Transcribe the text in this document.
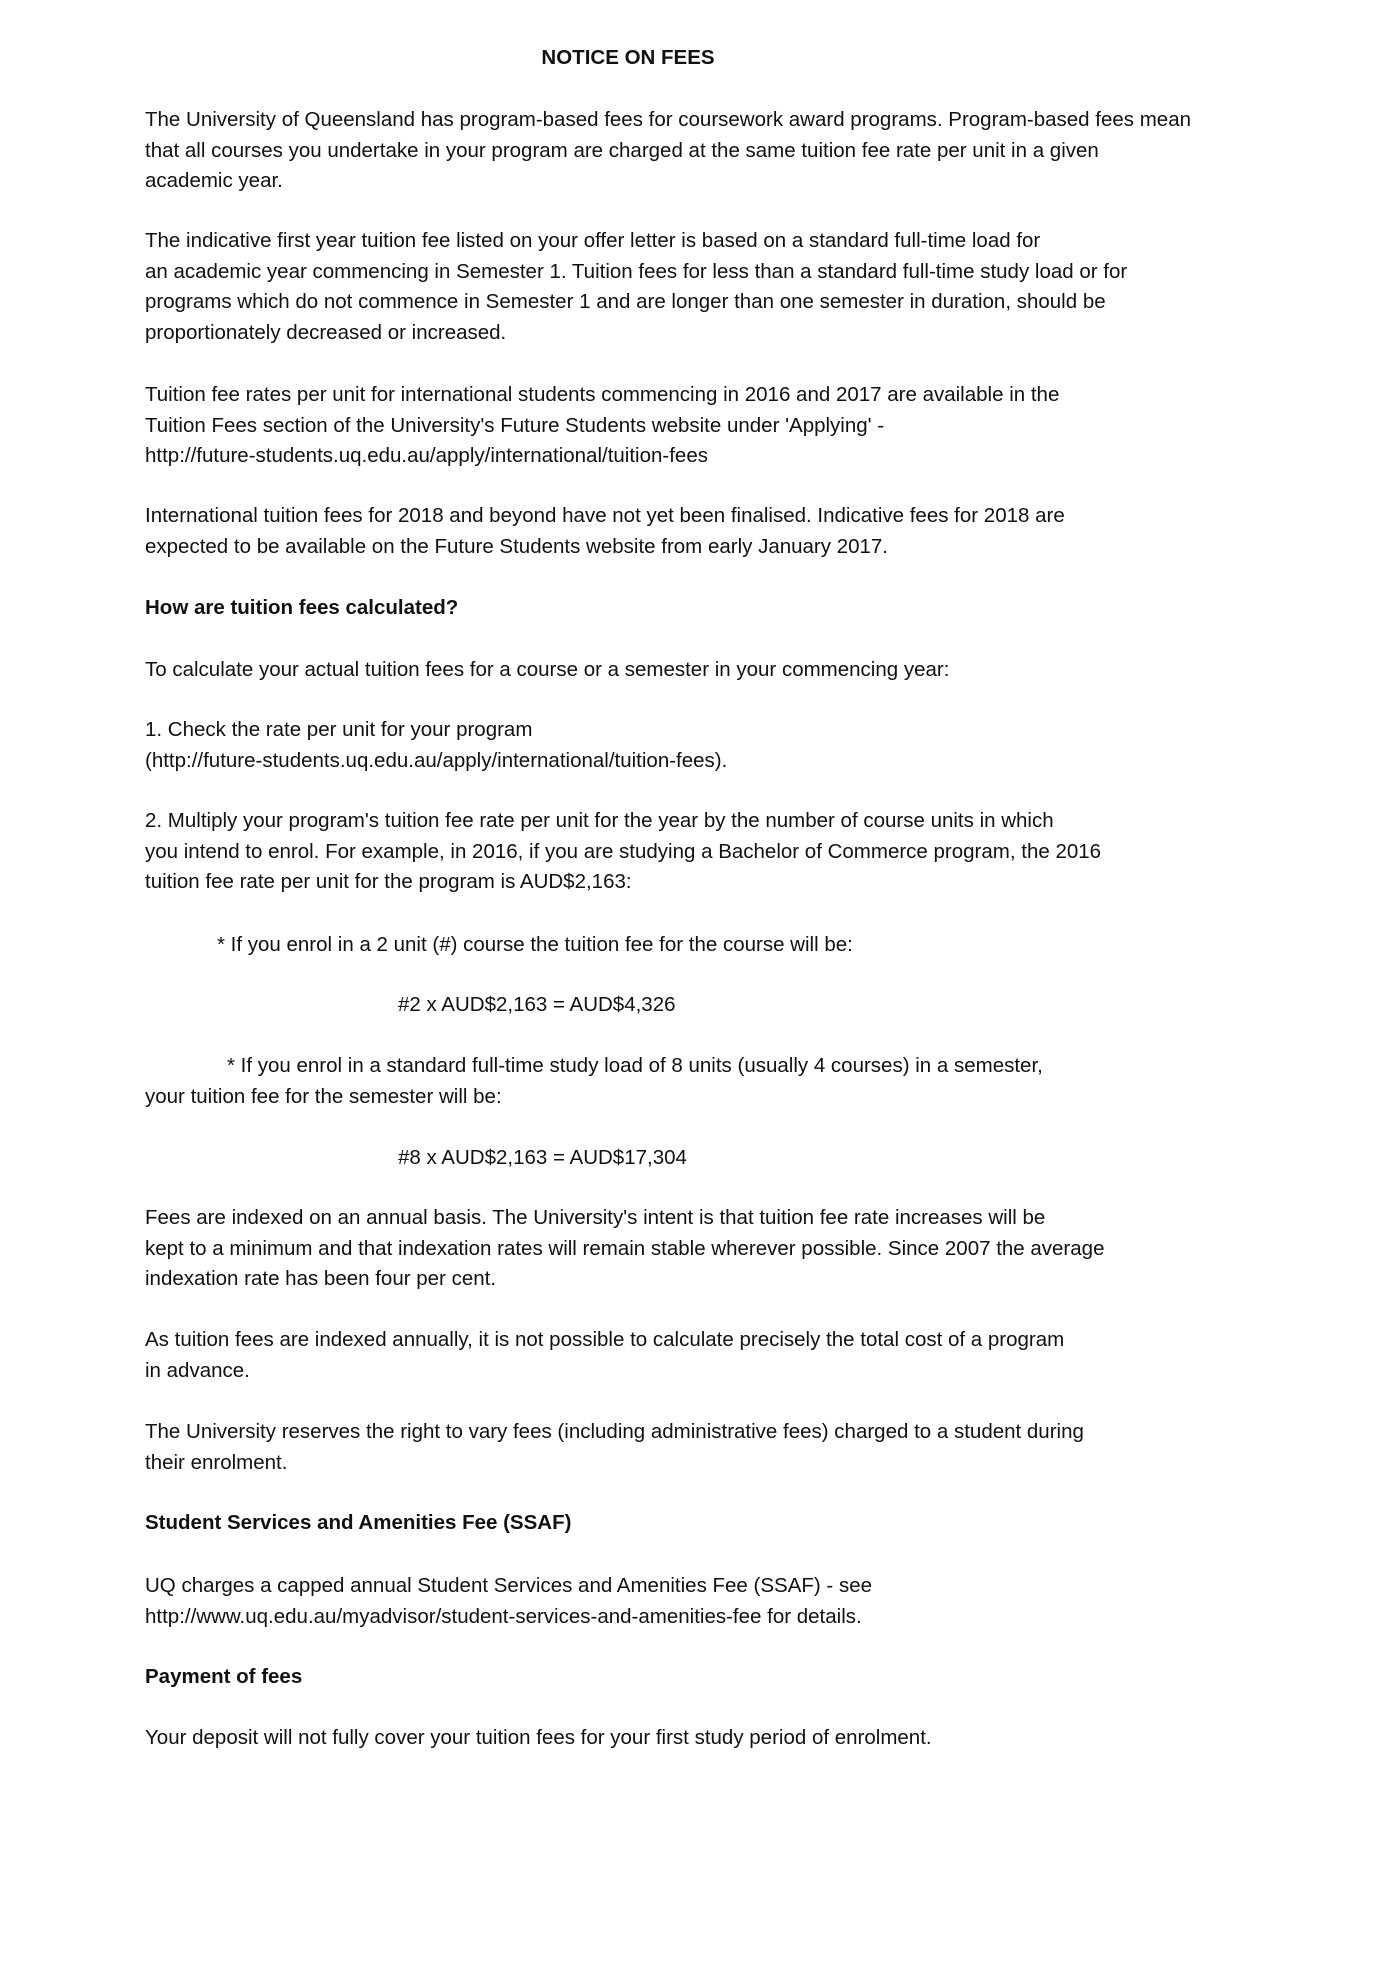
NOTICE ON FEES
The University of Queensland has program-based fees for coursework award programs. Program-based fees mean
that all courses you undertake in your program are charged at the same tuition fee rate per unit in a given
academic year.
The indicative first year tuition fee listed on your offer letter is based on a standard full-time load for
an academic year commencing in Semester 1. Tuition fees for less than a standard full-time study load or for
programs which do not commence in Semester 1 and are longer than one semester in duration, should be
proportionately decreased or increased.
Tuition fee rates per unit for international students commencing in 2016 and 2017 are available in the
Tuition Fees section of the University's Future Students website under 'Applying' -
http://future-students.uq.edu.au/apply/international/tuition-fees
International tuition fees for 2018 and beyond have not yet been finalised. Indicative fees for 2018 are
expected to be available on the Future Students website from early January 2017.
How are tuition fees calculated?
To calculate your actual tuition fees for a course or a semester in your commencing year:
1. Check the rate per unit for your program
(http://future-students.uq.edu.au/apply/international/tuition-fees).
2. Multiply your program's tuition fee rate per unit for the year by the number of course units in which
you intend to enrol. For example, in 2016, if you are studying a Bachelor of Commerce program, the 2016
tuition fee rate per unit for the program is AUD$2,163:
* If you enrol in a 2 unit (#) course the tuition fee for the course will be:
#2 x AUD$2,163 = AUD$4,326
* If you enrol in a standard full-time study load of 8 units (usually 4 courses) in a semester,
your tuition fee for the semester will be:
#8 x AUD$2,163 = AUD$17,304
Fees are indexed on an annual basis. The University's intent is that tuition fee rate increases will be
kept to a minimum and that indexation rates will remain stable wherever possible. Since 2007 the average
indexation rate has been four per cent.
As tuition fees are indexed annually, it is not possible to calculate precisely the total cost of a program
in advance.
The University reserves the right to vary fees (including administrative fees) charged to a student during
their enrolment.
Student Services and Amenities Fee (SSAF)
UQ charges a capped annual Student Services and Amenities Fee (SSAF) - see
http://www.uq.edu.au/myadvisor/student-services-and-amenities-fee for details.
Payment of fees
Your deposit will not fully cover your tuition fees for your first study period of enrolment.
